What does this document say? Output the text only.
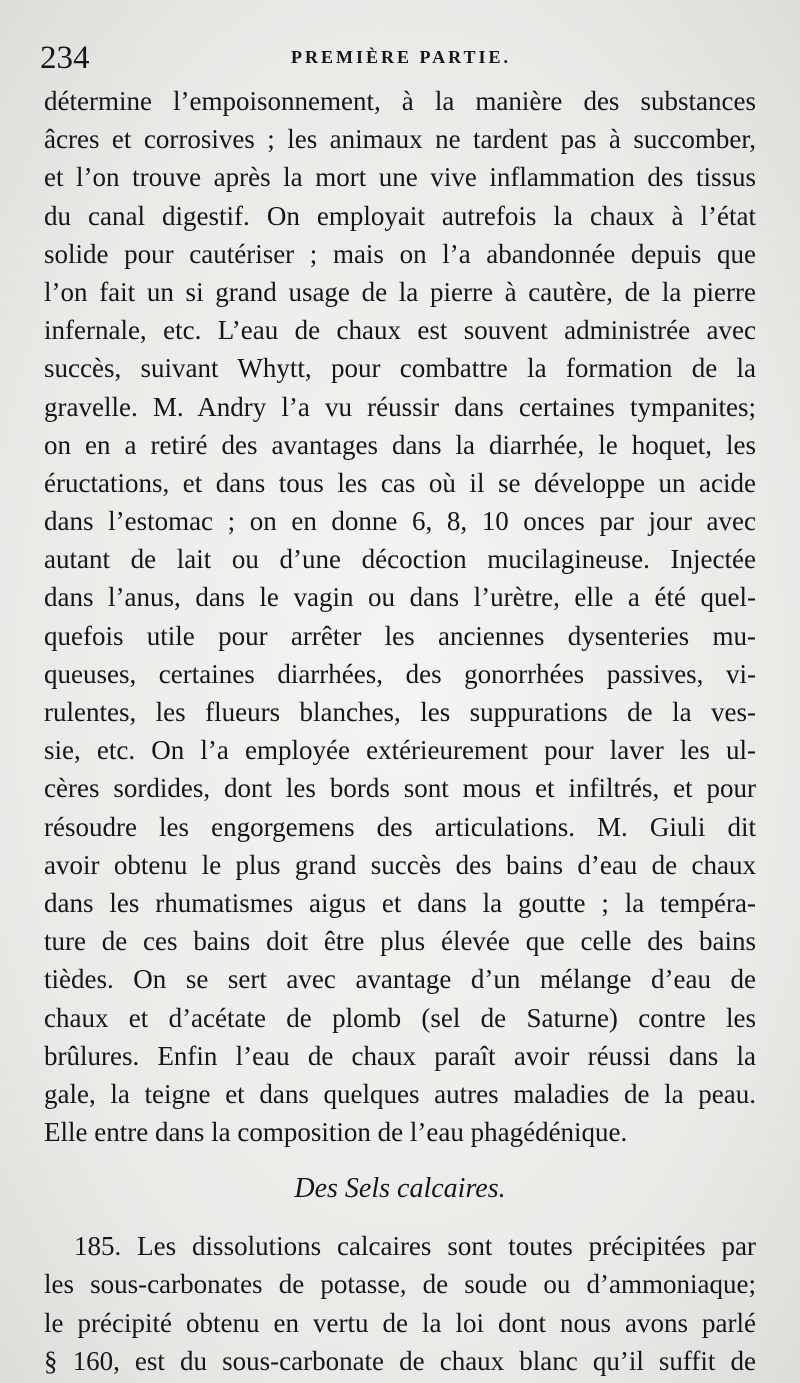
234	PREMIÈRE PARTIE.
détermine l’empoisonnement, à la manière des substances
âcres et corrosives ; les animaux ne tardent pas à succomber,
et l’on trouve après la mort une vive inflammation des tissus
du canal digestif. On employait autrefois la chaux à l’état
solide pour cautériser ; mais on l’a abandonnée depuis que
l’on fait un si grand usage de la pierre à cautère, de la pierre
infernale, etc. L’eau de chaux est souvent administrée avec
succès, suivant Whytt, pour combattre la formation de la
gravelle. M. Andry l’a vu réussir dans certaines tympanites;
on en a retiré des avantages dans la diarrhée, le hoquet, les
éructations, et dans tous les cas où il se développe un acide
dans l’estomac ; on en donne 6, 8, 10 onces par jour avec
autant de lait ou d’une décoction mucilagineuse. Injectée
dans l’anus, dans le vagin ou dans l’urètre, elle a été quel-
quefois utile pour arrêter les anciennes dysenteries mu-
queuses, certaines diarrhées, des gonorrhées passives, vi-
rulentes, les flueurs blanches, les suppurations de la ves-
sie, etc. On l’a employée extérieurement pour laver les ul-
cères sordides, dont les bords sont mous et infiltrés, et pour
résoudre les engorgemens des articulations. M. Giuli dit
avoir obtenu le plus grand succès des bains d’eau de chaux
dans les rhumatismes aigus et dans la goutte ; la tempéra-
ture de ces bains doit être plus élevée que celle des bains
tièdes. On se sert avec avantage d’un mélange d’eau de
chaux et d’acétate de plomb (sel de Saturne) contre les
brûlures. Enfin l’eau de chaux paraît avoir réussi dans la
gale, la teigne et dans quelques autres maladies de la peau.
Elle entre dans la composition de l’eau phagédénique.
Des Sels calcaires.
185. Les dissolutions calcaires sont toutes précipitées par
les sous-carbonates de potasse, de soude ou d’ammoniaque;
le précipité obtenu en vertu de la loi dont nous avons parlé
§ 160, est du sous-carbonate de chaux blanc qu’il suffit de
